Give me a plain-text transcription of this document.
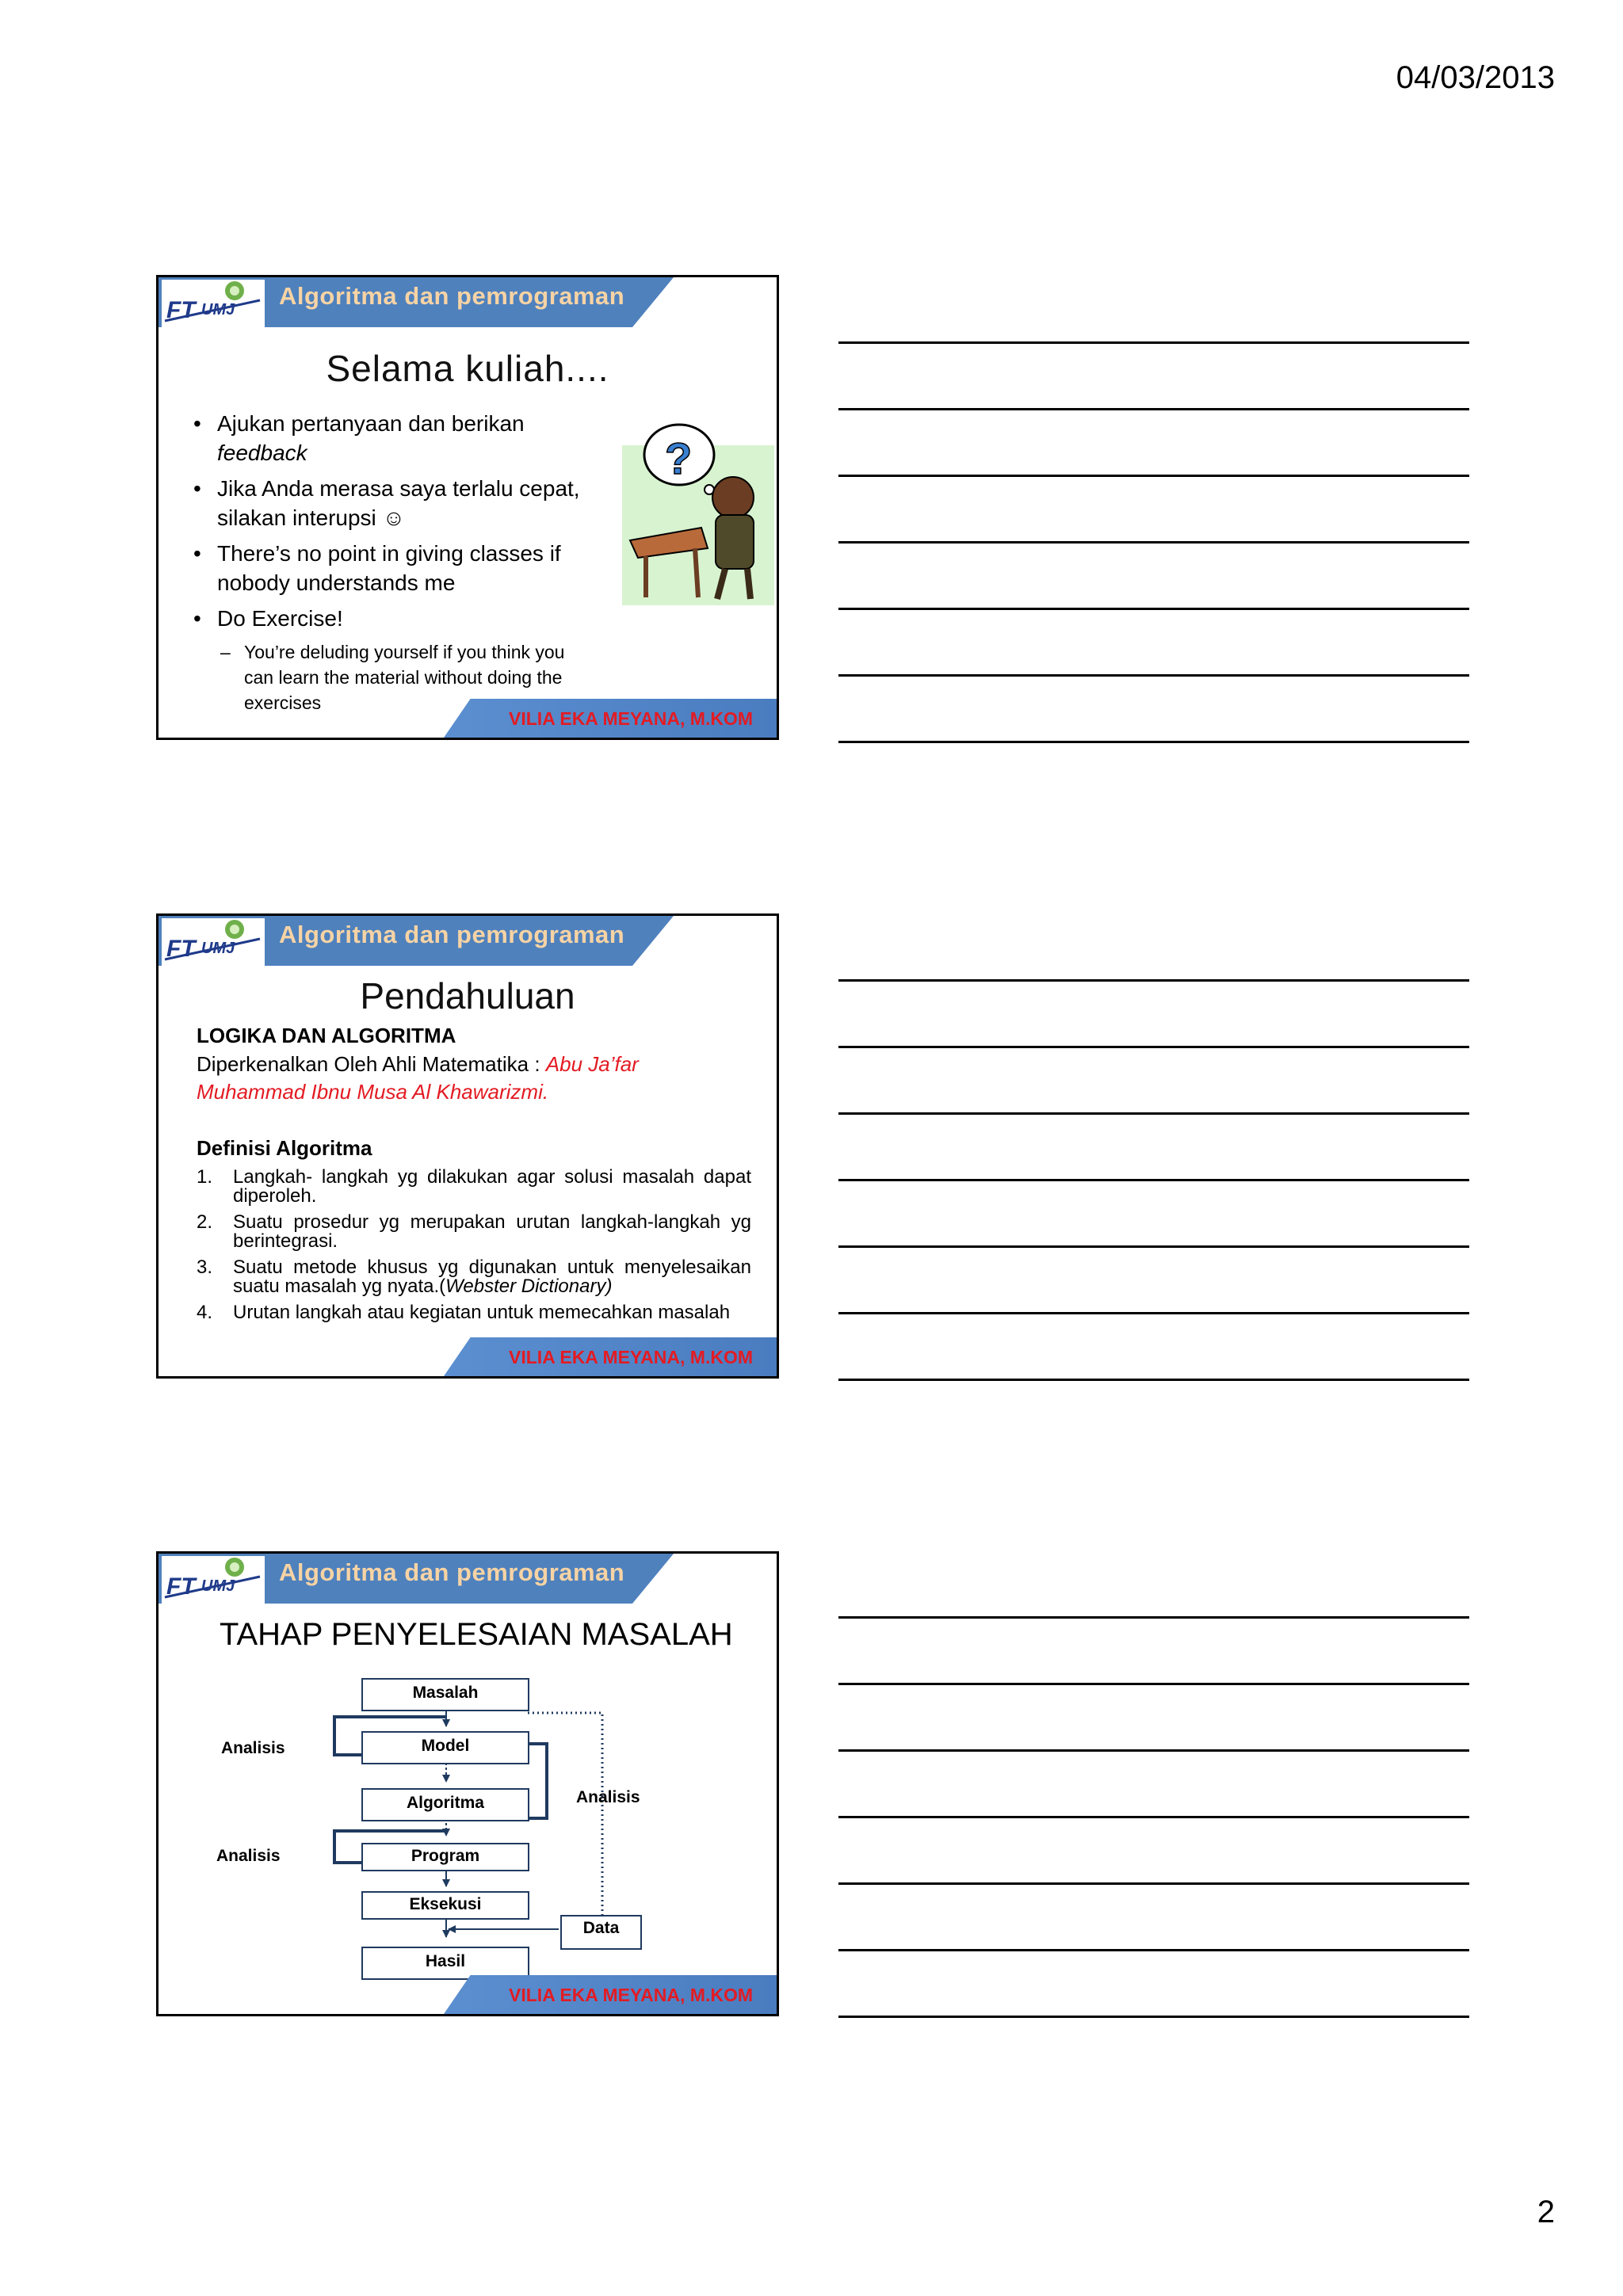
04/03/2013
FT UMJ Algoritma dan pemrograman
Selama kuliah....
• Ajukan pertanyaan dan berikan
feedback
• Jika Anda merasa saya terlalu cepat, silakan interupsi ☺
• There’s no point in giving classes if nobody understands me
• Do Exercise!
– You’re deluding yourself if you think you can learn the material without doing the exercises
?
VILIA EKA MEYANA, M.KOM
FT UMJ Algoritma dan pemrograman
Pendahuluan
LOGIKA DAN ALGORITMA
Diperkenalkan Oleh Ahli Matematika : Abu Ja’far Muhammad Ibnu Musa Al Khawarizmi.
Definisi Algoritma
1. Langkah- langkah yg dilakukan agar solusi masalah dapat diperoleh.
2. Suatu prosedur yg merupakan urutan langkah-langkah yg berintegrasi.
3. Suatu metode khusus yg digunakan untuk menyelesaikan suatu masalah yg nyata.(Webster Dictionary)
4. Urutan langkah atau kegiatan untuk memecahkan masalah
VILIA EKA MEYANA, M.KOM
FT UMJ Algoritma dan pemrograman
TAHAP PENYELESAIAN MASALAH
Masalah
Model
Algoritma
Program
Eksekusi
Hasil
Data
Analisis
Analisis
Analisis
VILIA EKA MEYANA, M.KOM
2
